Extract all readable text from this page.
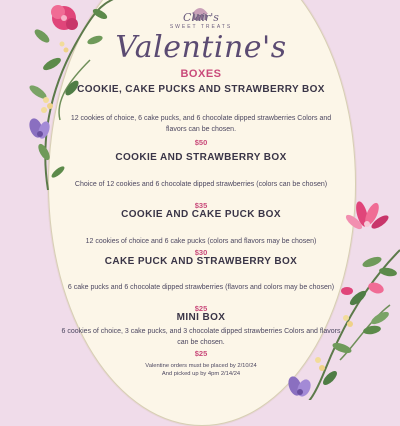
Clair's
SWEET TREATS
Valentine's
BOXES
COOKIE, CAKE PUCKS AND STRAWBERRY BOX
12 cookies of choice, 6 cake pucks, and 6 chocolate dipped strawberries Colors and flavors can be chosen.
$50
COOKIE AND STRAWBERRY BOX
Choice of 12 cookies and 6 chocolate dipped strawberries (colors can be chosen)
$35
COOKIE AND CAKE PUCK BOX
12 cookies of choice and 6 cake pucks (colors and flavors may be chosen)
$30
CAKE PUCK AND STRAWBERRY BOX
6 cake pucks and 6 chocolate dipped strawberries (flavors and colors may be chosen)
$25
MINI BOX
6 cookies of choice, 3 cake pucks, and 3 chocolate dipped strawberries Colors and flavors can be chosen.
$25
Valentine orders must be placed by 2/10/24
And picked up by 4pm 2/14/24
